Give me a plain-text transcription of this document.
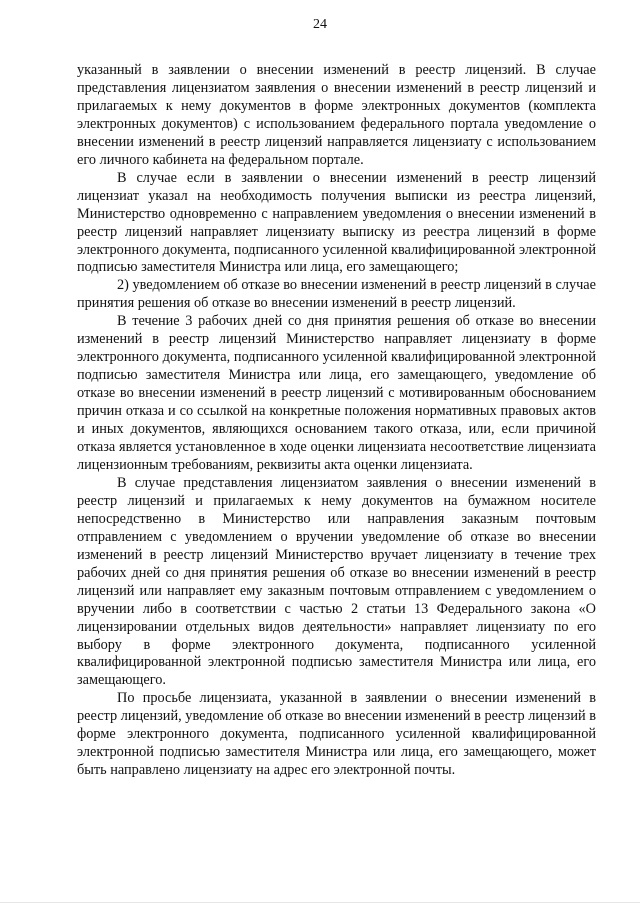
24

указанный в заявлении о внесении изменений в реестр лицензий. В случае представления лицензиатом заявления о внесении изменений в реестр лицензий и прилагаемых к нему документов в форме электронных документов (комплекта электронных документов) с использованием федерального портала уведомление о внесении изменений в реестр лицензий направляется лицензиату с использованием его личного кабинета на федеральном портале.

В случае если в заявлении о внесении изменений в реестр лицензий лицензиат указал на необходимость получения выписки из реестра лицензий, Министерство одновременно с направлением уведомления о внесении изменений в реестр лицензий направляет лицензиату выписку из реестра лицензий в форме электронного документа, подписанного усиленной квалифицированной электронной подписью заместителя Министра или лица, его замещающего;

2) уведомлением об отказе во внесении изменений в реестр лицензий в случае принятия решения об отказе во внесении изменений в реестр лицензий.

В течение 3 рабочих дней со дня принятия решения об отказе во внесении изменений в реестр лицензий Министерство направляет лицензиату в форме электронного документа, подписанного усиленной квалифицированной электронной подписью заместителя Министра или лица, его замещающего, уведомление об отказе во внесении изменений в реестр лицензий с мотивированным обоснованием причин отказа и со ссылкой на конкретные положения нормативных правовых актов и иных документов, являющихся основанием такого отказа, или, если причиной отказа является установленное в ходе оценки лицензиата несоответствие лицензиата лицензионным требованиям, реквизиты акта оценки лицензиата.

В случае представления лицензиатом заявления о внесении изменений в реестр лицензий и прилагаемых к нему документов на бумажном носителе непосредственно в Министерство или направления заказным почтовым отправлением с уведомлением о вручении уведомление об отказе во внесении изменений в реестр лицензий Министерство вручает лицензиату в течение трех рабочих дней со дня принятия решения об отказе во внесении изменений в реестр лицензий или направляет ему заказным почтовым отправлением с уведомлением о вручении либо в соответствии с частью 2 статьи 13 Федерального закона «О лицензировании отдельных видов деятельности» направляет лицензиату по его выбору в форме электронного документа, подписанного усиленной квалифицированной электронной подписью заместителя Министра или лица, его замещающего.

По просьбе лицензиата, указанной в заявлении о внесении изменений в реестр лицензий, уведомление об отказе во внесении изменений в реестр лицензий в форме электронного документа, подписанного усиленной квалифицированной электронной подписью заместителя Министра или лица, его замещающего, может быть направлено лицензиату на адрес его электронной почты.
